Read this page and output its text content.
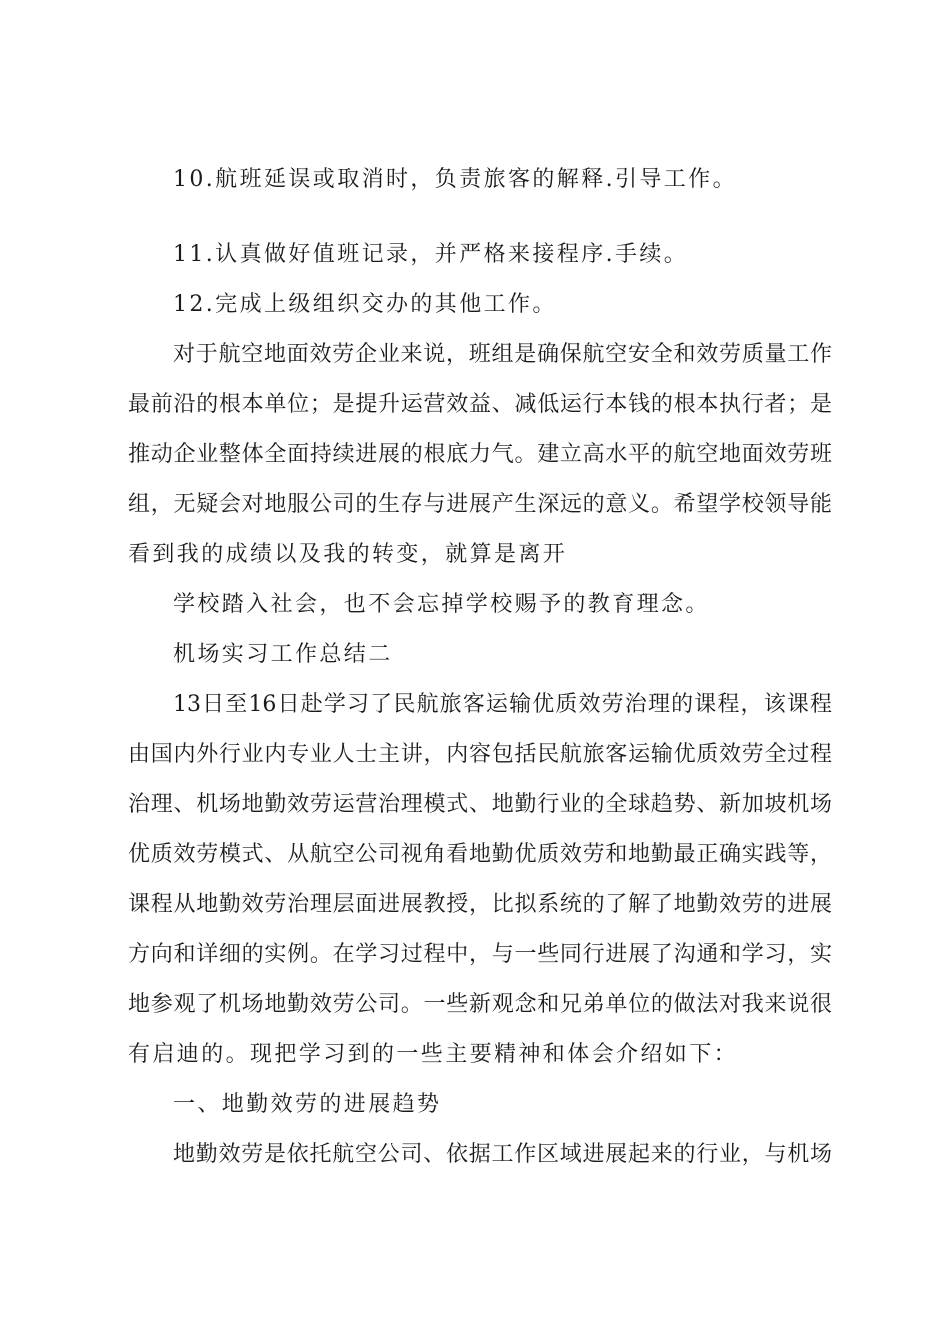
10.航班延误或取消时，负责旅客的解释.引导工作。
11.认真做好值班记录，并严格来接程序.手续。
12.完成上级组织交办的其他工作。
对于航空地面效劳企业来说，班组是确保航空安全和效劳质量工作
最前沿的根本单位；是提升运营效益、减低运行本钱的根本执行者；是
推动企业整体全面持续进展的根底力气。建立高水平的航空地面效劳班
组，无疑会对地服公司的生存与进展产生深远的意义。希望学校领导能
看到我的成绩以及我的转变，就算是离开
学校踏入社会，也不会忘掉学校赐予的教育理念。
机场实习工作总结二
13日至16日赴学习了民航旅客运输优质效劳治理的课程，该课程
由国内外行业内专业人士主讲，内容包括民航旅客运输优质效劳全过程
治理、机场地勤效劳运营治理模式、地勤行业的全球趋势、新加坡机场
优质效劳模式、从航空公司视角看地勤优质效劳和地勤最正确实践等，
课程从地勤效劳治理层面进展教授，比拟系统的了解了地勤效劳的进展
方向和详细的实例。在学习过程中，与一些同行进展了沟通和学习，实
地参观了机场地勤效劳公司。一些新观念和兄弟单位的做法对我来说很
有启迪的。现把学习到的一些主要精神和体会介绍如下：
一、地勤效劳的进展趋势
地勤效劳是依托航空公司、依据工作区域进展起来的行业，与机场
